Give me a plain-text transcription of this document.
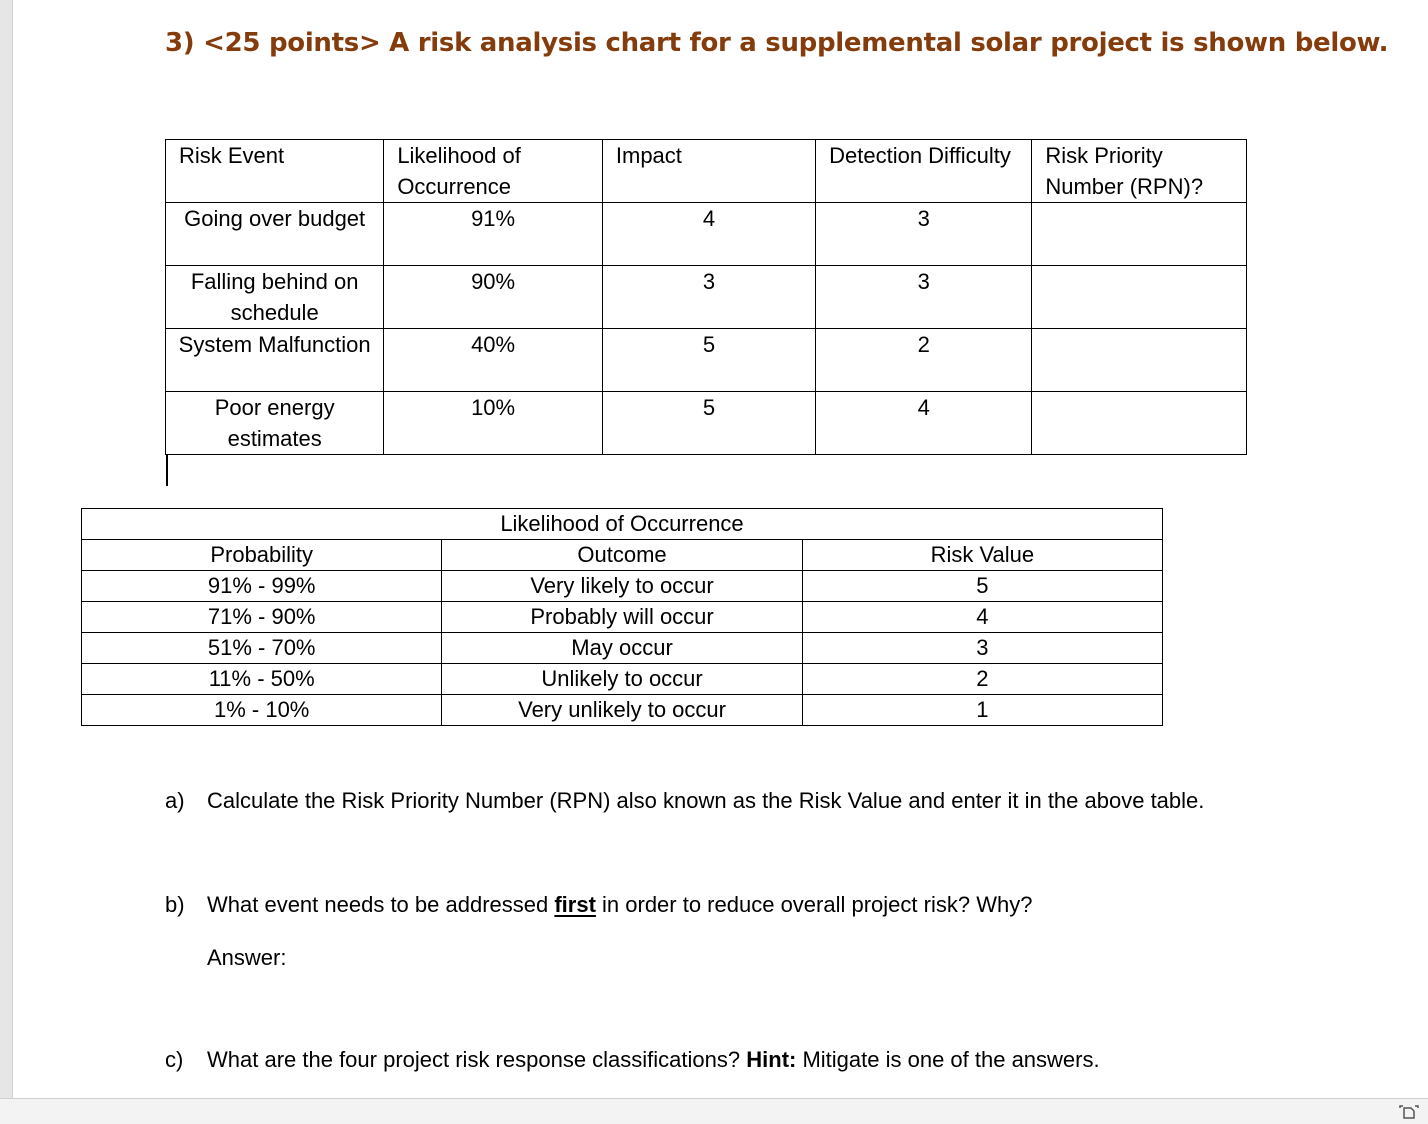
3) <25 points> A risk analysis chart for a supplemental solar project is shown below.
Risk Event	Likelihood of Occurrence	Impact	Detection Difficulty	Risk Priority Number (RPN)?
Going over budget	91%	4	3	
Falling behind on schedule	90%	3	3	
System Malfunction	40%	5	2	
Poor energy estimates	10%	5	4	
Likelihood of Occurrence		
Probability	Outcome	Risk Value
91% - 99%	Very likely to occur	5
71% - 90%	Probably will occur	4
51% - 70%	May occur	3
11% - 50%	Unlikely to occur	2
1% - 10%	Very unlikely to occur	1
a) Calculate the Risk Priority Number (RPN) also known as the Risk Value and enter it in the above table.
b) What event needs to be addressed first in order to reduce overall project risk? Why?
Answer:
c) What are the four project risk response classifications? Hint: Mitigate is one of the answers.
